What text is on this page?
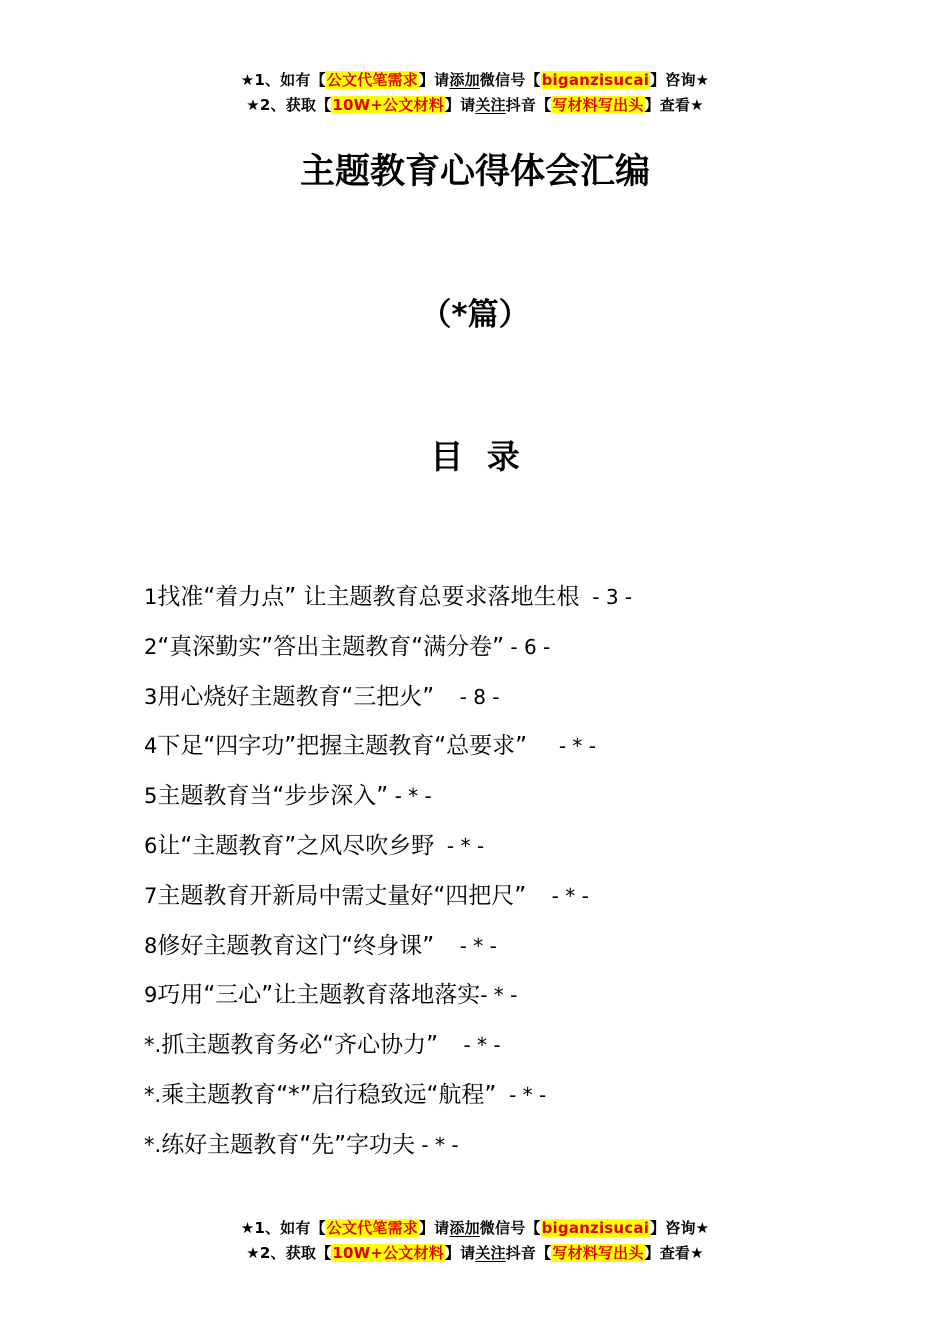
★1、如有【公文代笔需求】请添加微信号【biganzisucai】咨询★
★2、获取【10W+公文材料】请关注抖音【写材料写出头】查看★
主题教育心得体会汇编
（*篇）
目 录
1找准“着力点” 让主题教育总要求落地生根  - 3 -
2“真深勤实”答出主题教育“满分卷” - 6 -
3用心烧好主题教育“三把火”    - 8 -
4下足“四字功”把握主题教育“总要求”     - * -
5主题教育当“步步深入” - * -
6让“主题教育”之风尽吹乡野  - * -
7主题教育开新局中需丈量好“四把尺”    - * -
8修好主题教育这门“终身课”    - * -
9巧用“三心”让主题教育落地落实- * -
*.抓主题教育务必“齐心协力”    - * -
*.乘主题教育“*”启行稳致远“航程”  - * -
*.练好主题教育“先”字功夫 - * -
★1、如有【公文代笔需求】请添加微信号【biganzisucai】咨询★
★2、获取【10W+公文材料】请关注抖音【写材料写出头】查看★
